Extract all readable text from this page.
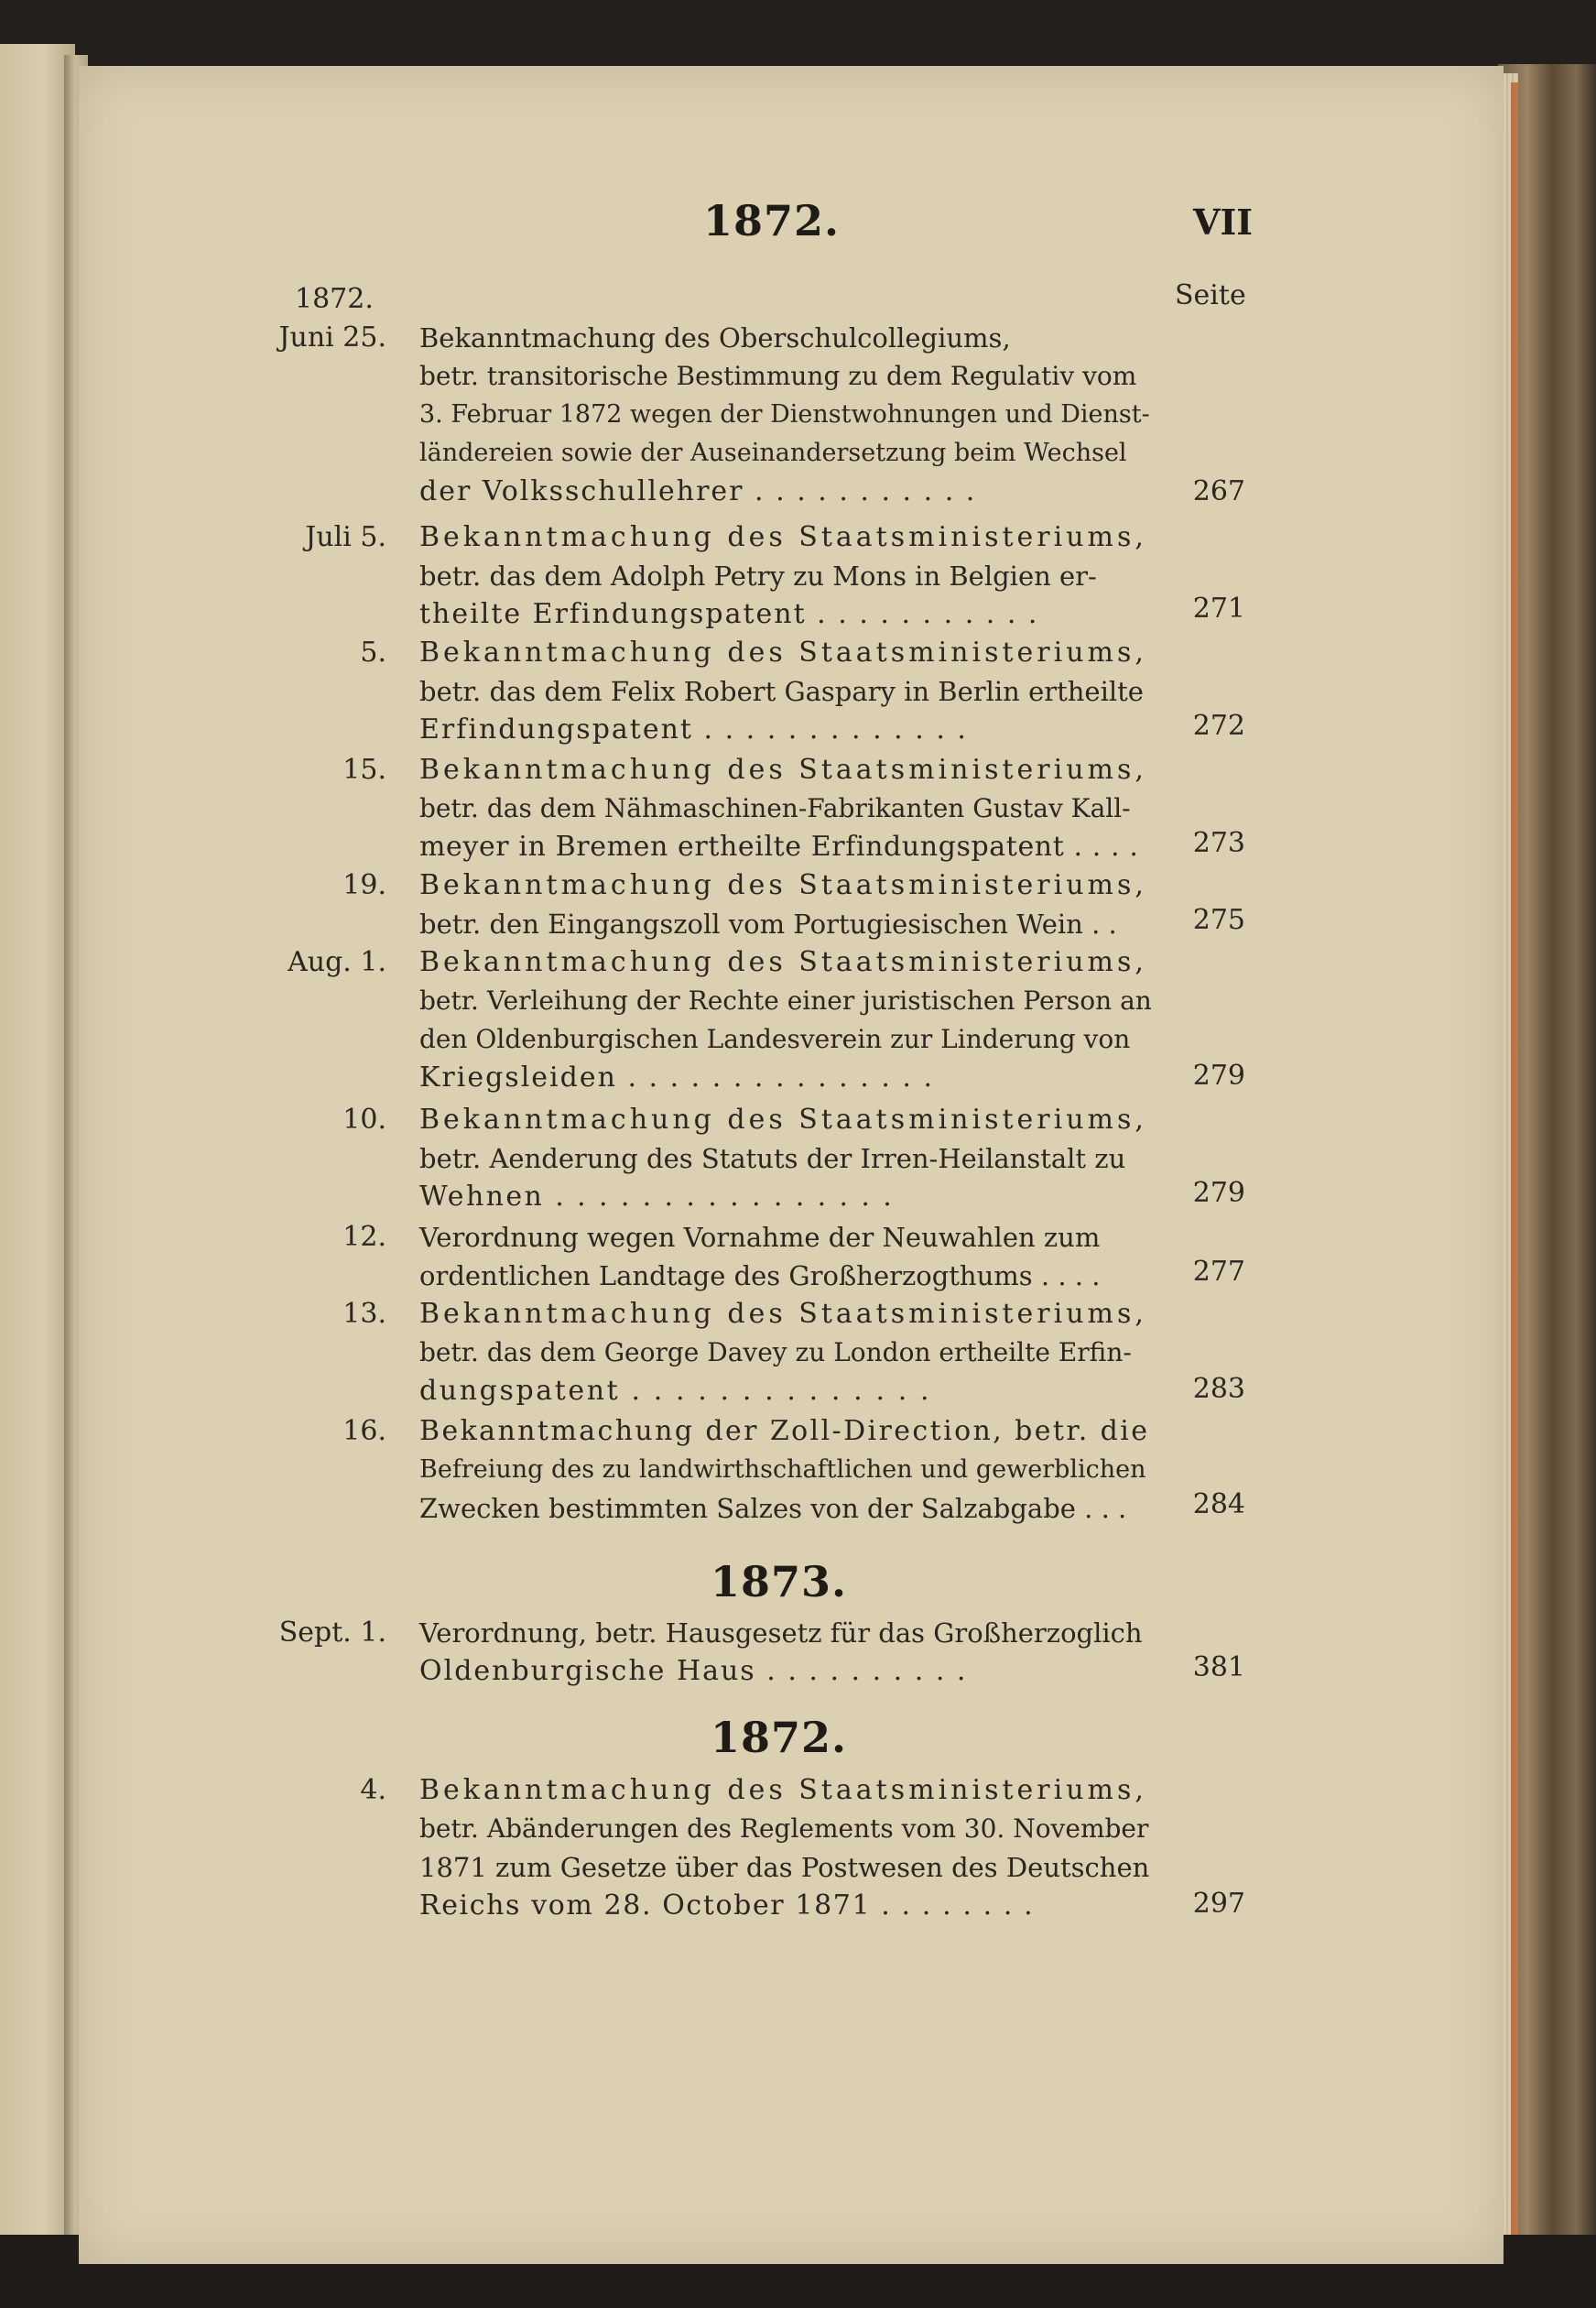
1872.	VII
1872.	Seite
Juni 25. Bekanntmachung des Oberschulcollegiums,
betr. transitorische Bestimmung zu dem Regulativ vom
3. Februar 1872 wegen der Dienstwohnungen und Dienst-
ländereien sowie der Auseinandersetzung beim Wechsel
der Volksschullehrer . . . . . . . . . . .	267
Juli 5. Bekanntmachung des Staatsministeriums,
betr. das dem Adolph Petry zu Mons in Belgien er-
theilte Erfindungspatent . . . . . . . . . . .	271
5. Bekanntmachung des Staatsministeriums,
betr. das dem Felix Robert Gaspary in Berlin ertheilte
Erfindungspatent . . . . . . . . . . . . .	272
15. Bekanntmachung des Staatsministeriums,
betr. das dem Nähmaschinen-Fabrikanten Gustav Kall-
meyer in Bremen ertheilte Erfindungspatent . . . .	273
19. Bekanntmachung des Staatsministeriums,
betr. den Eingangszoll vom Portugiesischen Wein . .	275
Aug. 1. Bekanntmachung des Staatsministeriums,
betr. Verleihung der Rechte einer juristischen Person an
den Oldenburgischen Landesverein zur Linderung von
Kriegsleiden . . . . . . . . . . . . . . .	279
10. Bekanntmachung des Staatsministeriums,
betr. Aenderung des Statuts der Irren-Heilanstalt zu
Wehnen . . . . . . . . . . . . . . . .	279
12. Verordnung wegen Vornahme der Neuwahlen zum
ordentlichen Landtage des Großherzogthums . . . .	277
13. Bekanntmachung des Staatsministeriums,
betr. das dem George Davey zu London ertheilte Erfin-
dungspatent . . . . . . . . . . . . . .	283
16. Bekanntmachung der Zoll-Direction, betr. die
Befreiung des zu landwirthschaftlichen und gewerblichen
Zwecken bestimmten Salzes von der Salzabgabe . . .	284
1873.
Sept. 1. Verordnung, betr. Hausgesetz für das Großherzoglich
Oldenburgische Haus . . . . . . . . . .	381
1872.
4. Bekanntmachung des Staatsministeriums,
betr. Abänderungen des Reglements vom 30. November
1871 zum Gesetze über das Postwesen des Deutschen
Reichs vom 28. October 1871 . . . . . . . .	297
